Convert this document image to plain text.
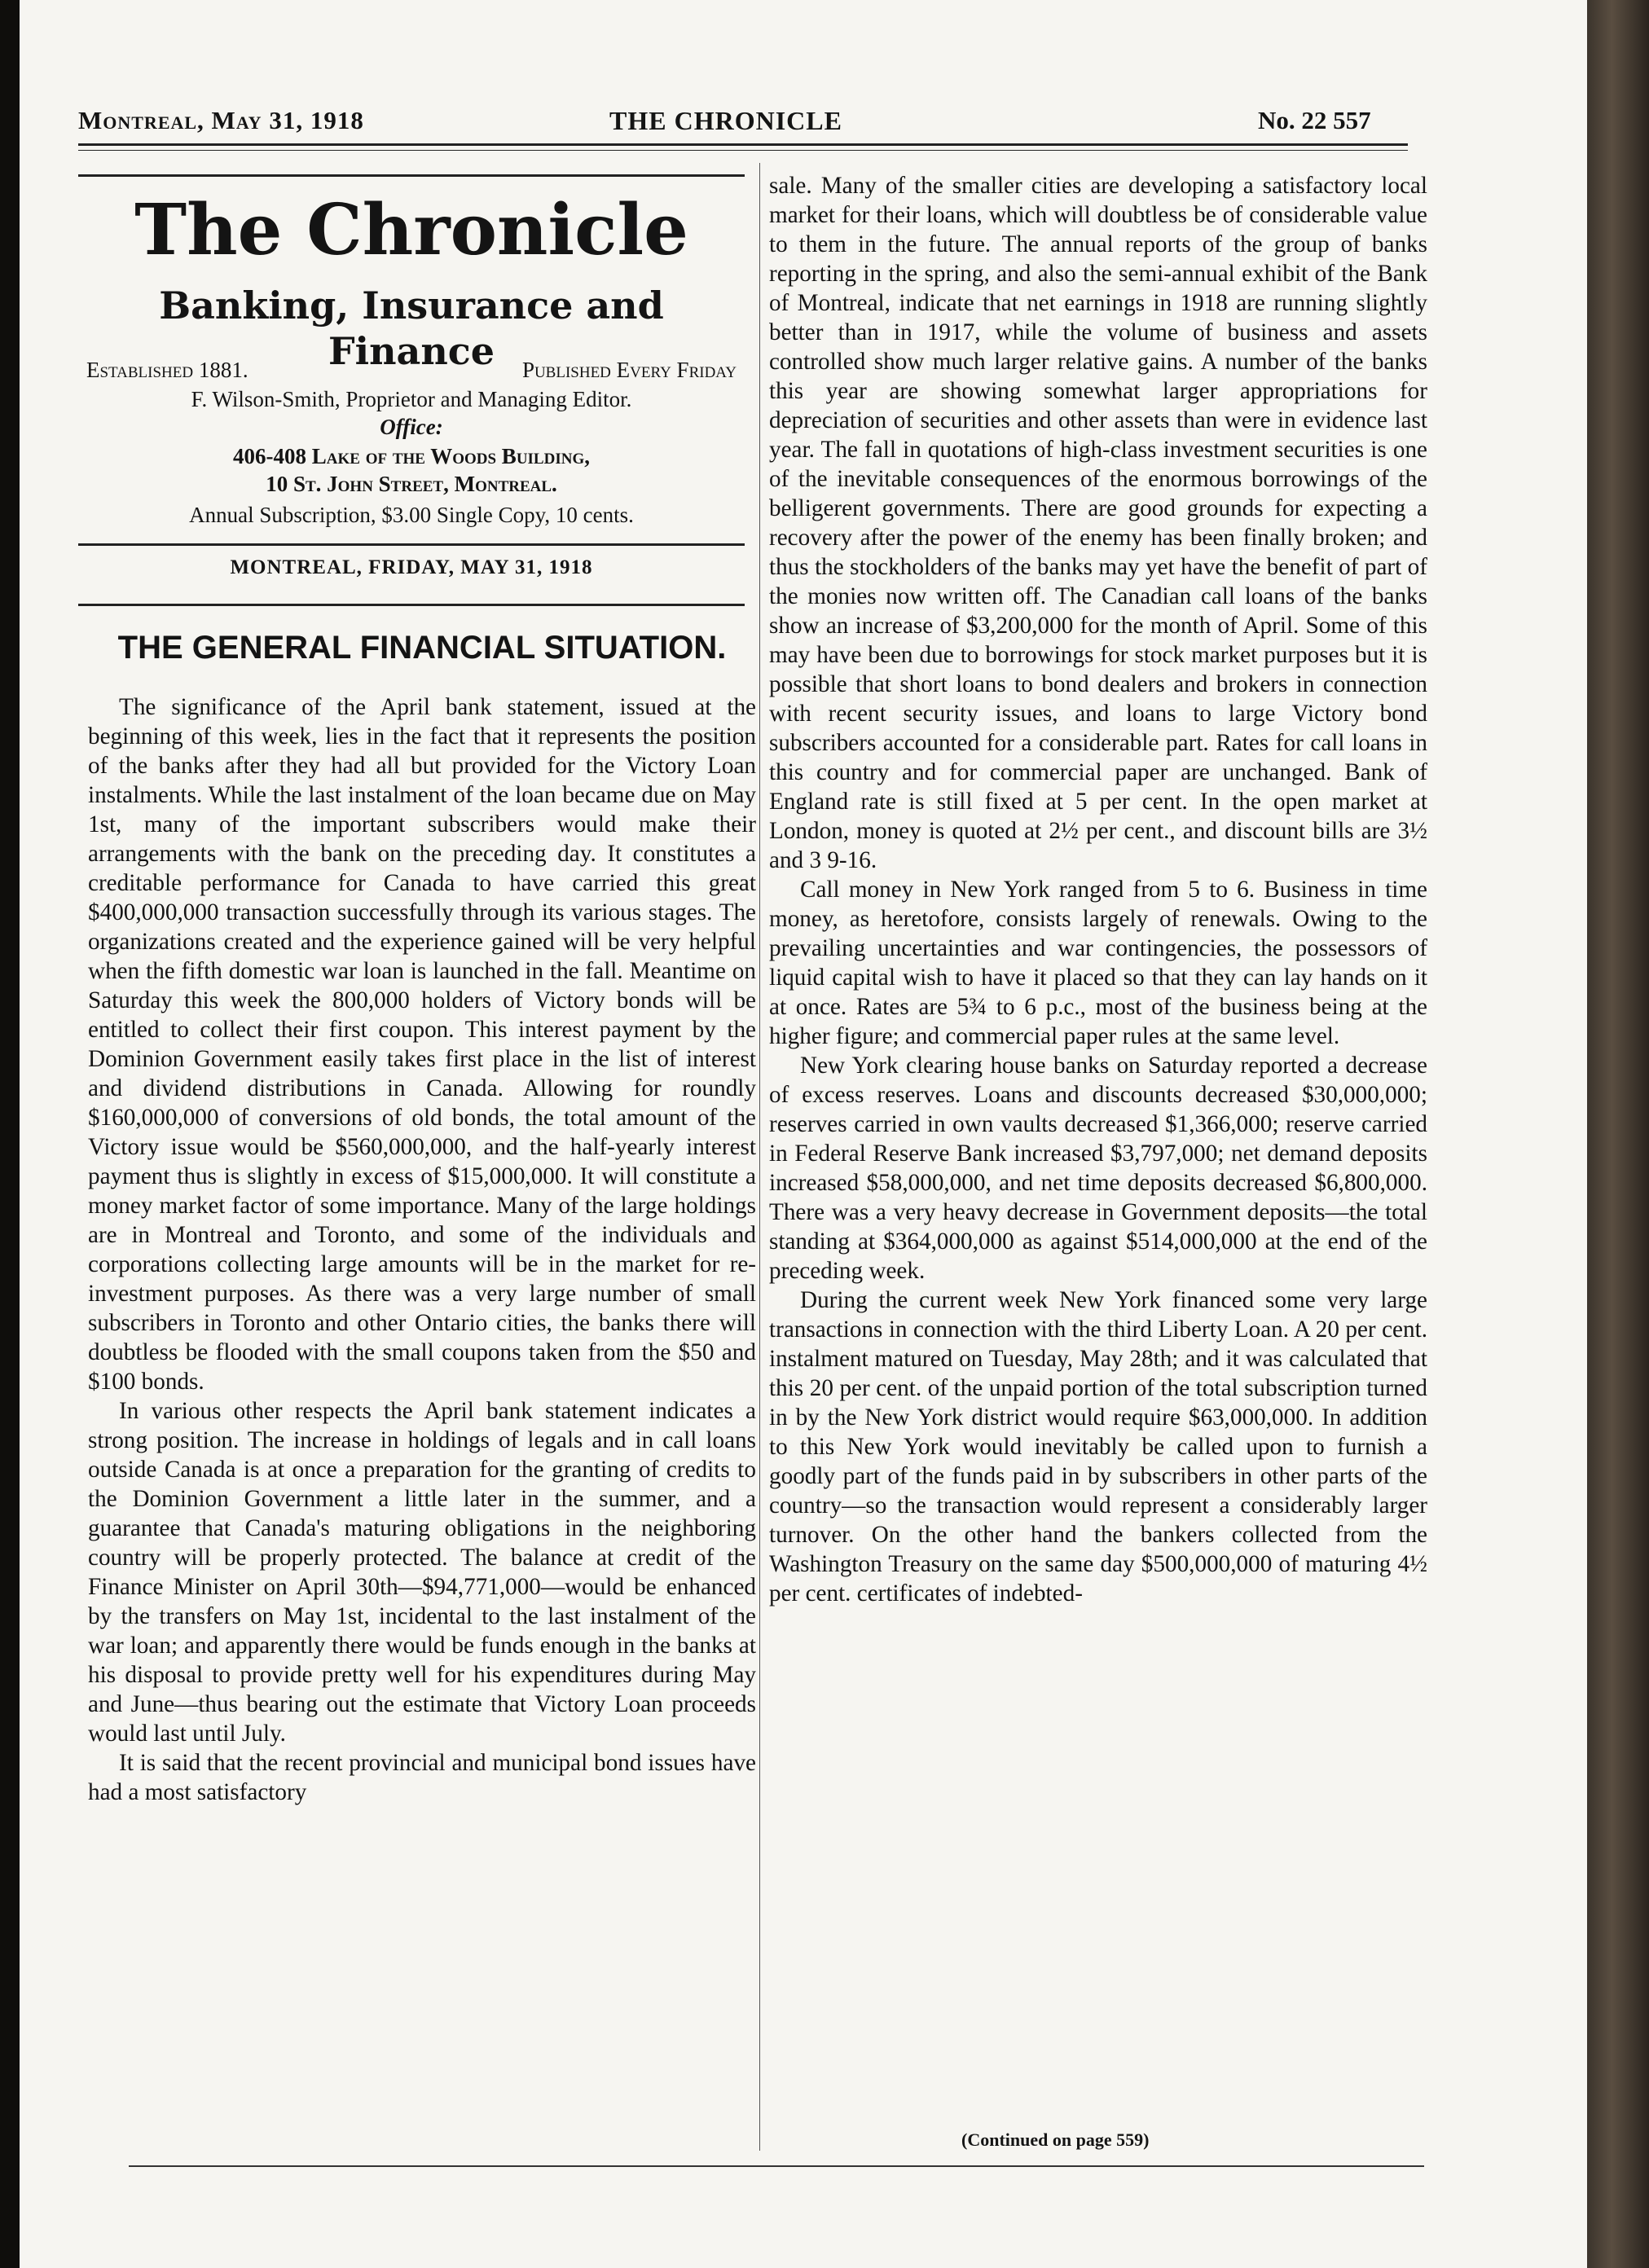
Montreal, May 31, 1918	THE CHRONICLE	No. 22 557
The Chronicle
Banking, Insurance and Finance
Established 1881.	Published Every Friday
F. Wilson-Smith, Proprietor and Managing Editor.
Office:
406-408 Lake of the Woods Building,
10 St. John Street, Montreal.
Annual Subscription, $3.00 Single Copy, 10 cents.
MONTREAL, FRIDAY, MAY 31, 1918
THE GENERAL FINANCIAL SITUATION.

The significance of the April bank statement, issued at the beginning of this week, lies in the fact that it represents the position of the banks after they had all but provided for the Victory Loan instalments. While the last instalment of the loan became due on May 1st, many of the important subscribers would make their arrangements with the bank on the preceding day. It constitutes a creditable performance for Canada to have carried this great $400,000,000 transaction successfully through its various stages. The organizations created and the experience gained will be very helpful when the fifth domestic war loan is launched in the fall. Meantime on Saturday this week the 800,000 holders of Victory bonds will be entitled to collect their first coupon. This interest payment by the Dominion Government easily takes first place in the list of interest and dividend distributions in Canada. Allowing for roundly $160,000,000 of conversions of old bonds, the total amount of the Victory issue would be $560,000,000, and the half-yearly interest payment thus is slightly in excess of $15,000,000. It will constitute a money market factor of some importance. Many of the large holdings are in Montreal and Toronto, and some of the individuals and corporations collecting large amounts will be in the market for re-investment purposes. As there was a very large number of small subscribers in Toronto and other Ontario cities, the banks there will doubtless be flooded with the small coupons taken from the $50 and $100 bonds.

In various other respects the April bank statement indicates a strong position. The increase in holdings of legals and in call loans outside Canada is at once a preparation for the granting of credits to the Dominion Government a little later in the summer, and a guarantee that Canada's maturing obligations in the neighboring country will be properly protected. The balance at credit of the Finance Minister on April 30th—$94,771,000—would be enhanced by the transfers on May 1st, incidental to the last instalment of the war loan; and apparently there would be funds enough in the banks at his disposal to provide pretty well for his expenditures during May and June—thus bearing out the estimate that Victory Loan proceeds would last until July.

It is said that the recent provincial and municipal bond issues have had a most satisfactory

sale. Many of the smaller cities are developing a satisfactory local market for their loans, which will doubtless be of considerable value to them in the future. The annual reports of the group of banks reporting in the spring, and also the semi-annual exhibit of the Bank of Montreal, indicate that net earnings in 1918 are running slightly better than in 1917, while the volume of business and assets controlled show much larger relative gains. A number of the banks this year are showing somewhat larger appropriations for depreciation of securities and other assets than were in evidence last year. The fall in quotations of high-class investment securities is one of the inevitable consequences of the enormous borrowings of the belligerent governments. There are good grounds for expecting a recovery after the power of the enemy has been finally broken; and thus the stockholders of the banks may yet have the benefit of part of the monies now written off. The Canadian call loans of the banks show an increase of $3,200,000 for the month of April. Some of this may have been due to borrowings for stock market purposes but it is possible that short loans to bond dealers and brokers in connection with recent security issues, and loans to large Victory bond subscribers accounted for a considerable part. Rates for call loans in this country and for commercial paper are unchanged. Bank of England rate is still fixed at 5 per cent. In the open market at London, money is quoted at 2½ per cent., and discount bills are 3½ and 3 9-16.

Call money in New York ranged from 5 to 6. Business in time money, as heretofore, consists largely of renewals. Owing to the prevailing uncertainties and war contingencies, the possessors of liquid capital wish to have it placed so that they can lay hands on it at once. Rates are 5¾ to 6 p.c., most of the business being at the higher figure; and commercial paper rules at the same level.

New York clearing house banks on Saturday reported a decrease of excess reserves. Loans and discounts decreased $30,000,000; reserves carried in own vaults decreased $1,366,000; reserve carried in Federal Reserve Bank increased $3,797,000; net demand deposits increased $58,000,000, and net time deposits decreased $6,800,000. There was a very heavy decrease in Government deposits—the total standing at $364,000,000 as against $514,000,000 at the end of the preceding week.

During the current week New York financed some very large transactions in connection with the third Liberty Loan. A 20 per cent. instalment matured on Tuesday, May 28th; and it was calculated that this 20 per cent. of the unpaid portion of the total subscription turned in by the New York district would require $63,000,000. In addition to this New York would inevitably be called upon to furnish a goodly part of the funds paid in by subscribers in other parts of the country—so the transaction would represent a considerably larger turnover. On the other hand the bankers collected from the Washington Treasury on the same day $500,000,000 of maturing 4½ per cent. certificates of indebted-

(Continued on page 559)
